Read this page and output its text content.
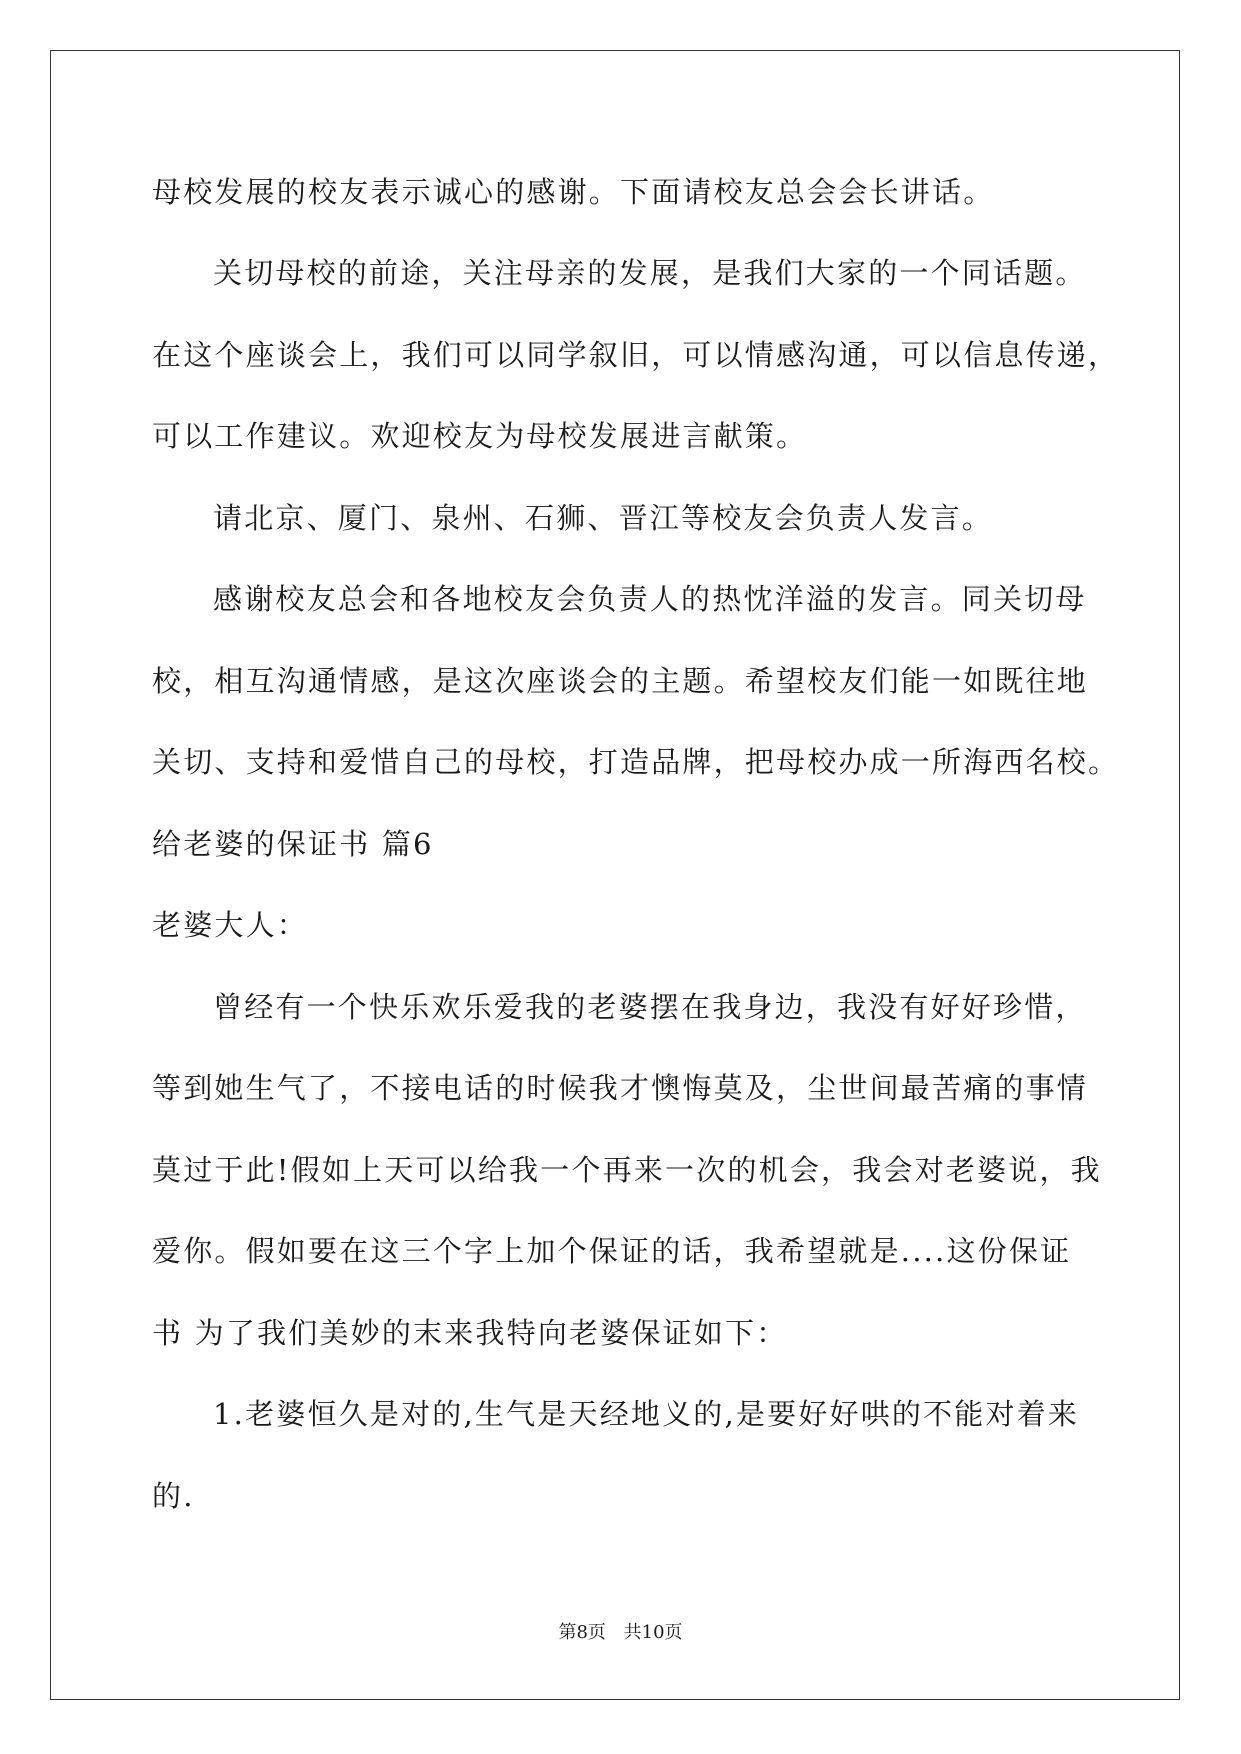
母校发展的校友表示诚心的感谢。下面请校友总会会长讲话。
关切母校的前途，关注母亲的发展，是我们大家的一个同话题。
在这个座谈会上，我们可以同学叙旧，可以情感沟通，可以信息传递，
可以工作建议。欢迎校友为母校发展进言献策。
请北京、厦门、泉州、石狮、晋江等校友会负责人发言。
感谢校友总会和各地校友会负责人的热忱洋溢的发言。同关切母
校，相互沟通情感，是这次座谈会的主题。希望校友们能一如既往地
关切、支持和爱惜自己的母校，打造品牌，把母校办成一所海西名校。
给老婆的保证书 篇6
老婆大人：
曾经有一个快乐欢乐爱我的老婆摆在我身边，我没有好好珍惜，
等到她生气了，不接电话的时候我才懊悔莫及，尘世间最苦痛的事情
莫过于此!假如上天可以给我一个再来一次的机会，我会对老婆说，我
爱你。假如要在这三个字上加个保证的话，我希望就是....这份保证
书 为了我们美妙的末来我特向老婆保证如下：
1.老婆恒久是对的,生气是天经地义的,是要好好哄的不能对着来
的.
第8页 共10页
